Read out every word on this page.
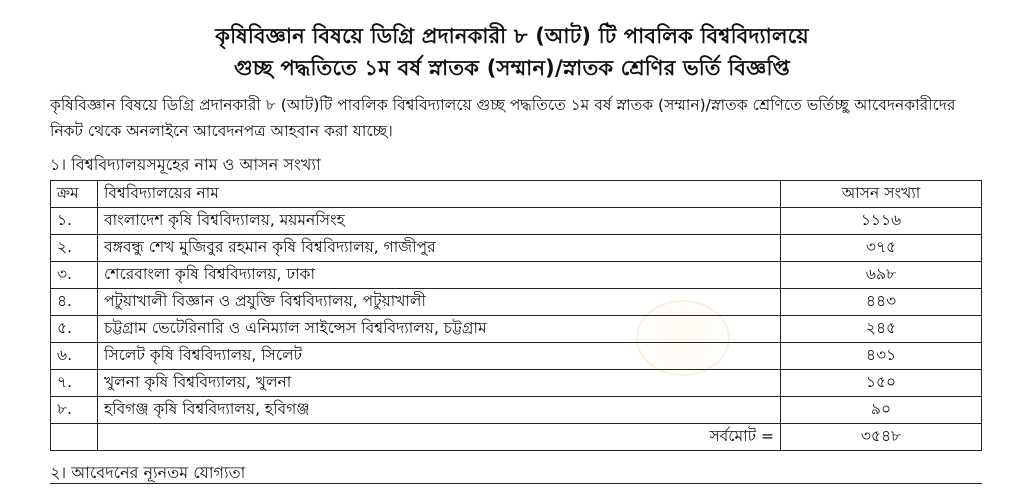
কৃষিবিজ্ঞান বিষয়ে ডিগ্রি প্রদানকারী ৮ (আট) টি পাবলিক বিশ্ববিদ্যালয়ে
গুচ্ছ পদ্ধতিতে ১ম বর্ষ স্নাতক (সম্মান)/স্নাতক শ্রেণির ভর্তি বিজ্ঞপ্তি
কৃষিবিজ্ঞান বিষয়ে ডিগ্রি প্রদানকারী ৮ (আট)টি পাবলিক বিশ্ববিদ্যালয়ে গুচ্ছ পদ্ধতিতে ১ম বর্ষ স্নাতক (সম্মান)/স্নাতক শ্রেণিতে ভর্তিচ্ছু আবেদনকারীদের নিকট থেকে অনলাইনে আবেদনপত্র আহবান করা যাচ্ছে।
১। বিশ্ববিদ্যালয়সমূহের নাম ও আসন সংখ্যা
ক্রম	বিশ্ববিদ্যালয়ের নাম	আসন সংখ্যা
১.	বাংলাদেশ কৃষি বিশ্ববিদ্যালয়, ময়মনসিংহ	১১১৬
২.	বঙ্গবন্ধু শেখ মুজিবুর রহমান কৃষি বিশ্ববিদ্যালয়, গাজীপুর	৩৭৫
৩.	শেরেবাংলা কৃষি বিশ্ববিদ্যালয়, ঢাকা	৬৯৮
৪.	পটুয়াখালী বিজ্ঞান ও প্রযুক্তি বিশ্ববিদ্যালয়, পটুয়াখালী	৪৪৩
৫.	চট্টগ্রাম ভেটেরিনারি ও এনিম্যাল সাইন্সেস বিশ্ববিদ্যালয়, চট্টগ্রাম	২৪৫
৬.	সিলেট কৃষি বিশ্ববিদ্যালয়, সিলেট	৪৩১
৭.	খুলনা কৃষি বিশ্ববিদ্যালয়, খুলনা	১৫০
৮.	হবিগঞ্জ কৃষি বিশ্ববিদ্যালয়, হবিগঞ্জ	৯০
	সর্বমোট =	৩৫৪৮
২। আবেদনের ন্যূনতম যোগ্যতা
